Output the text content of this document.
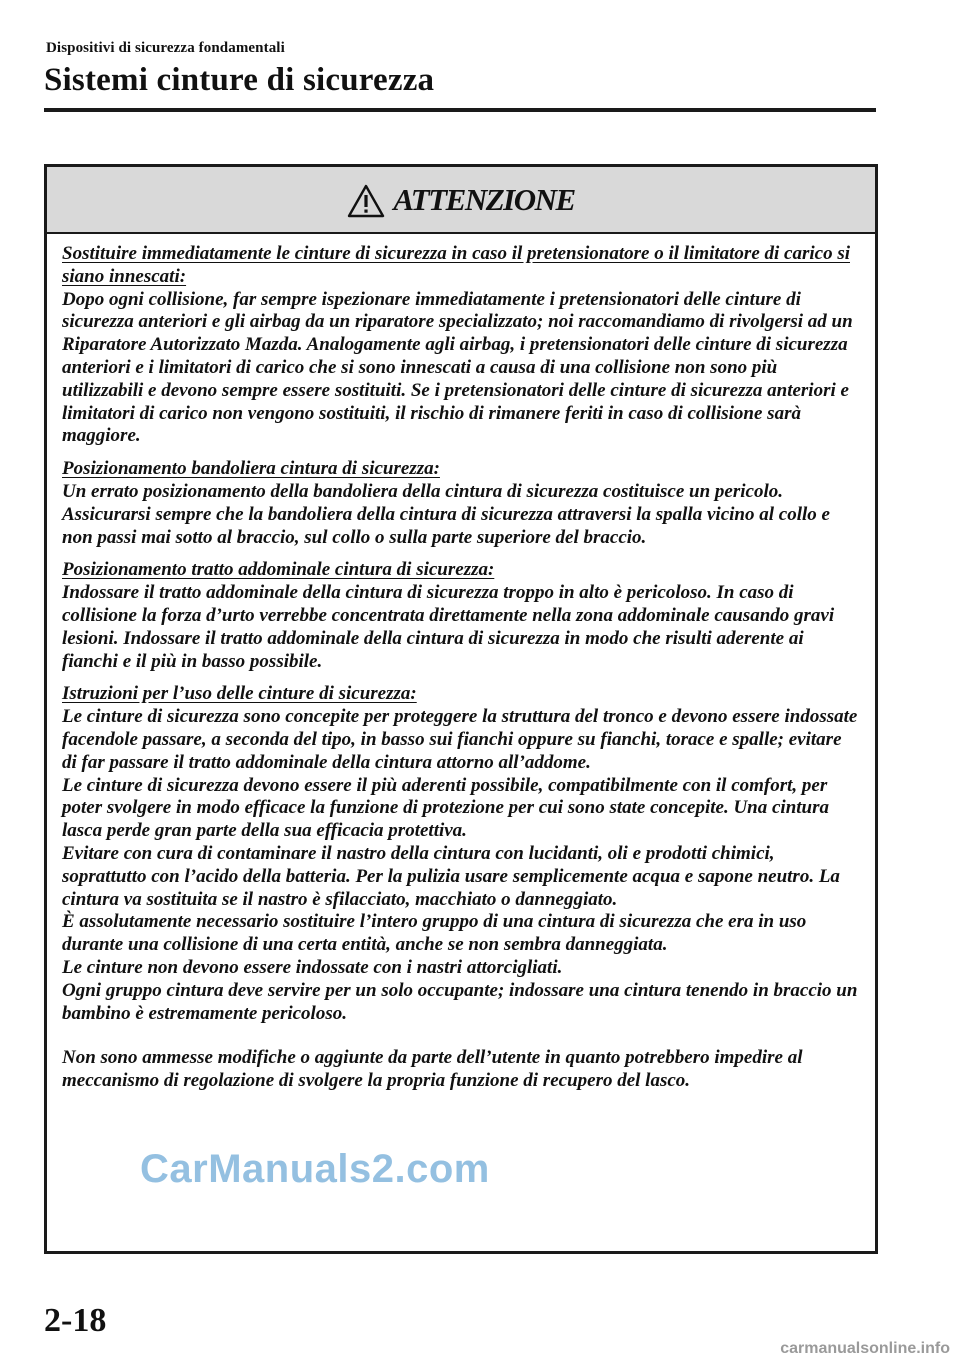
Dispositivi di sicurezza fondamentali
Sistemi cinture di sicurezza
ATTENZIONE
Sostituire immediatamente le cinture di sicurezza in caso il pretensionatore o il limitatore di carico si siano innescati:

Dopo ogni collisione, far sempre ispezionare immediatamente i pretensionatori delle cinture di sicurezza anteriori e gli airbag da un riparatore specializzato; noi raccomandiamo di rivolgersi ad un Riparatore Autorizzato Mazda. Analogamente agli airbag, i pretensionatori delle cinture di sicurezza anteriori e i limitatori di carico che si sono innescati a causa di una collisione non sono più utilizzabili e devono sempre essere sostituiti. Se i pretensionatori delle cinture di sicurezza anteriori e limitatori di carico non vengono sostituiti, il rischio di rimanere feriti in caso di collisione sarà maggiore.

Posizionamento bandoliera cintura di sicurezza:

Un errato posizionamento della bandoliera della cintura di sicurezza costituisce un pericolo. Assicurarsi sempre che la bandoliera della cintura di sicurezza attraversi la spalla vicino al collo e non passi mai sotto al braccio, sul collo o sulla parte superiore del braccio.

Posizionamento tratto addominale cintura di sicurezza:

Indossare il tratto addominale della cintura di sicurezza troppo in alto è pericoloso. In caso di collisione la forza d’urto verrebbe concentrata direttamente nella zona addominale causando gravi lesioni. Indossare il tratto addominale della cintura di sicurezza in modo che risulti aderente ai fianchi e il più in basso possibile.

Istruzioni per l’uso delle cinture di sicurezza:

Le cinture di sicurezza sono concepite per proteggere la struttura del tronco e devono essere indossate facendole passare, a seconda del tipo, in basso sui fianchi oppure su fianchi, torace e spalle; evitare di far passare il tratto addominale della cintura attorno all’addome.

Le cinture di sicurezza devono essere il più aderenti possibile, compatibilmente con il comfort, per poter svolgere in modo efficace la funzione di protezione per cui sono state concepite. Una cintura lasca perde gran parte della sua efficacia protettiva.

Evitare con cura di contaminare il nastro della cintura con lucidanti, oli e prodotti chimici, soprattutto con l’acido della batteria. Per la pulizia usare semplicemente acqua e sapone neutro. La cintura va sostituita se il nastro è sfilacciato, macchiato o danneggiato.

È assolutamente necessario sostituire l’intero gruppo di una cintura di sicurezza che era in uso durante una collisione di una certa entità, anche se non sembra danneggiata.

Le cinture non devono essere indossate con i nastri attorcigliati.

Ogni gruppo cintura deve servire per un solo occupante; indossare una cintura tenendo in braccio un bambino è estremamente pericoloso.

Non sono ammesse modifiche o aggiunte da parte dell’utente in quanto potrebbero impedire al meccanismo di regolazione di svolgere la propria funzione di recupero del lasco.

CarManuals2.com
2-18
carmanualsonline.info
